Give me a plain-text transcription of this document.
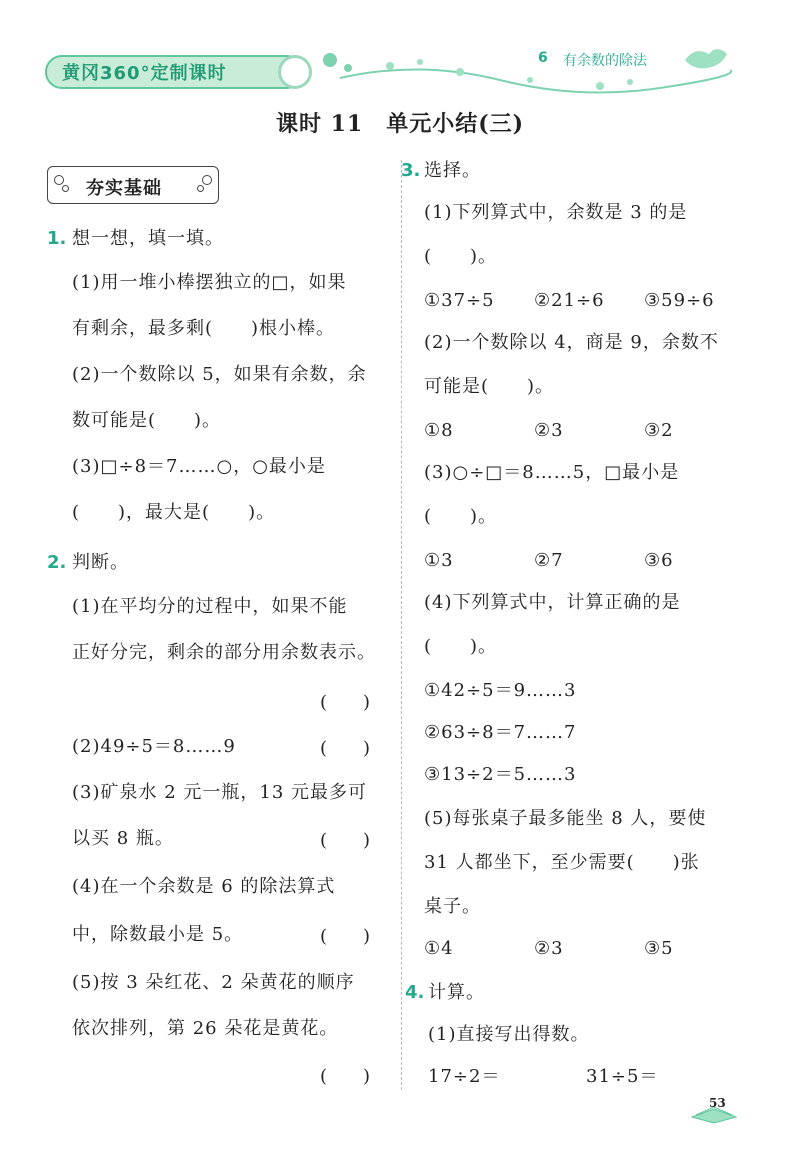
黄冈360°定制课时
6 有余数的除法
课时 11　单元小结(三)
夯实基础
1. 想一想，填一填。
(1)用一堆小棒摆独立的□，如果
有剩余，最多剩(　　)根小棒。
(2)一个数除以 5，如果有余数，余
数可能是(　　)。
(3)□÷8＝7……○，○最小是
(　　)，最大是(　　)。
2. 判断。
(1)在平均分的过程中，如果不能
正好分完，剩余的部分用余数表示。
(　　)
(2)49÷5＝8……9	(　　)
(3)矿泉水 2 元一瓶，13 元最多可
以买 8 瓶。	(　　)
(4)在一个余数是 6 的除法算式
中，除数最小是 5。	(　　)
(5)按 3 朵红花、2 朵黄花的顺序
依次排列，第 26 朵花是黄花。
(　　)
3. 选择。
(1)下列算式中，余数是 3 的是
(　　)。
①37÷5 ②21÷6 ③59÷6
(2)一个数除以 4，商是 9，余数不
可能是(　　)。
①8	②3	③2
(3)○÷□＝8……5，□最小是
(　　)。
①3	②7	③6
(4)下列算式中，计算正确的是
(　　)。
①42÷5＝9……3
②63÷8＝7……7
③13÷2＝5……3
(5)每张桌子最多能坐 8 人，要使
31 人都坐下，至少需要(　　)张
桌子。
①4	②3	③5
4. 计算。
(1)直接写出得数。
17÷2＝	31÷5＝
53
